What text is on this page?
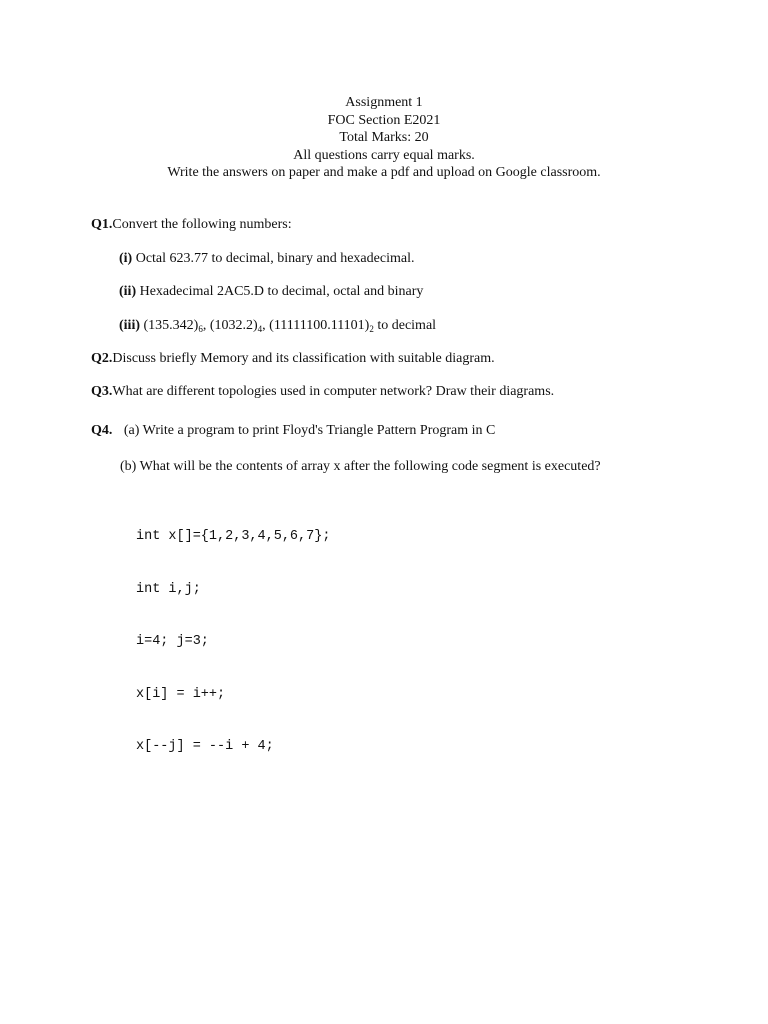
Assignment 1
FOC Section E2021
Total Marks: 20
All questions carry equal marks.
Write the answers on paper and make a pdf and upload on Google classroom.
Q1.Convert the following numbers:
(i) Octal 623.77 to decimal, binary and hexadecimal.
(ii) Hexadecimal 2AC5.D to decimal, octal and binary
(iii) $(135.342)_6$, $(1032.2)_4$, $(11111100.11101)_2$ to decimal
Q2.Discuss briefly Memory and its classification with suitable diagram.
Q3.What are different topologies used in computer network? Draw their diagrams.
Q4. (a) Write a program to print Floyd's Triangle Pattern Program in C
(b) What will be the contents of array x after the following code segment is executed?

int x[]={1,2,3,4,5,6,7};

int i,j;

i=4; j=3;

x[i] = i++;

x[--j] = --i + 4;
